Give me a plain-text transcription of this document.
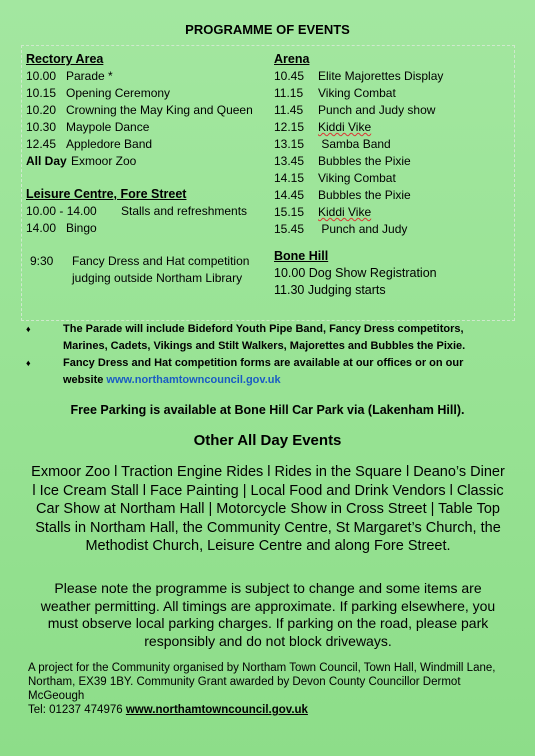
PROGRAMME OF EVENTS
Rectory Area
10.00 Parade *
10.15 Opening Ceremony
10.20 Crowning the May King and Queen
10.30 Maypole Dance
12.45 Appledore Band
All Day Exmoor Zoo
Leisure Centre, Fore Street
10.00 - 14.00	Stalls and refreshments
14.00 Bingo
9:30	Fancy Dress and Hat competition
judging outside Northam Library
Arena
10.45	Elite Majorettes Display
11.15	Viking Combat
11.45	Punch and Judy show
12.15	Kiddi Vike
13.15	Samba Band
13.45	Bubbles the Pixie
14.15	Viking Combat
14.45	Bubbles the Pixie
15.15	Kiddi Vike
15.45	Punch and Judy
Bone Hill
10.00 Dog Show Registration
11.30 Judging starts
♦	The Parade will include Bideford Youth Pipe Band, Fancy Dress competitors, Marines, Cadets, Vikings and Stilt Walkers, Majorettes and Bubbles the Pixie.
♦	Fancy Dress and Hat competition forms are available at our offices or on our website www.northamtowncouncil.gov.uk
Free Parking is available at Bone Hill Car Park via (Lakenham Hill).
Other All Day Events
Exmoor Zoo l Traction Engine Rides l Rides in the Square l Deano’s Diner l Ice Cream Stall l Face Painting | Local Food and Drink Vendors l Classic Car Show at Northam Hall | Motorcycle Show in Cross Street | Table Top Stalls in Northam Hall, the Community Centre, St Margaret’s Church, the Methodist Church, Leisure Centre and along Fore Street.
Please note the programme is subject to change and some items are weather permitting. All timings are approximate. If parking elsewhere, you must observe local parking charges. If parking on the road, please park responsibly and do not block driveways.
A project for the Community organised by Northam Town Council, Town Hall, Windmill Lane, Northam, EX39 1BY. Community Grant awarded by Devon County Councillor Dermot McGeough
Tel: 01237 474976 www.northamtowncouncil.gov.uk
